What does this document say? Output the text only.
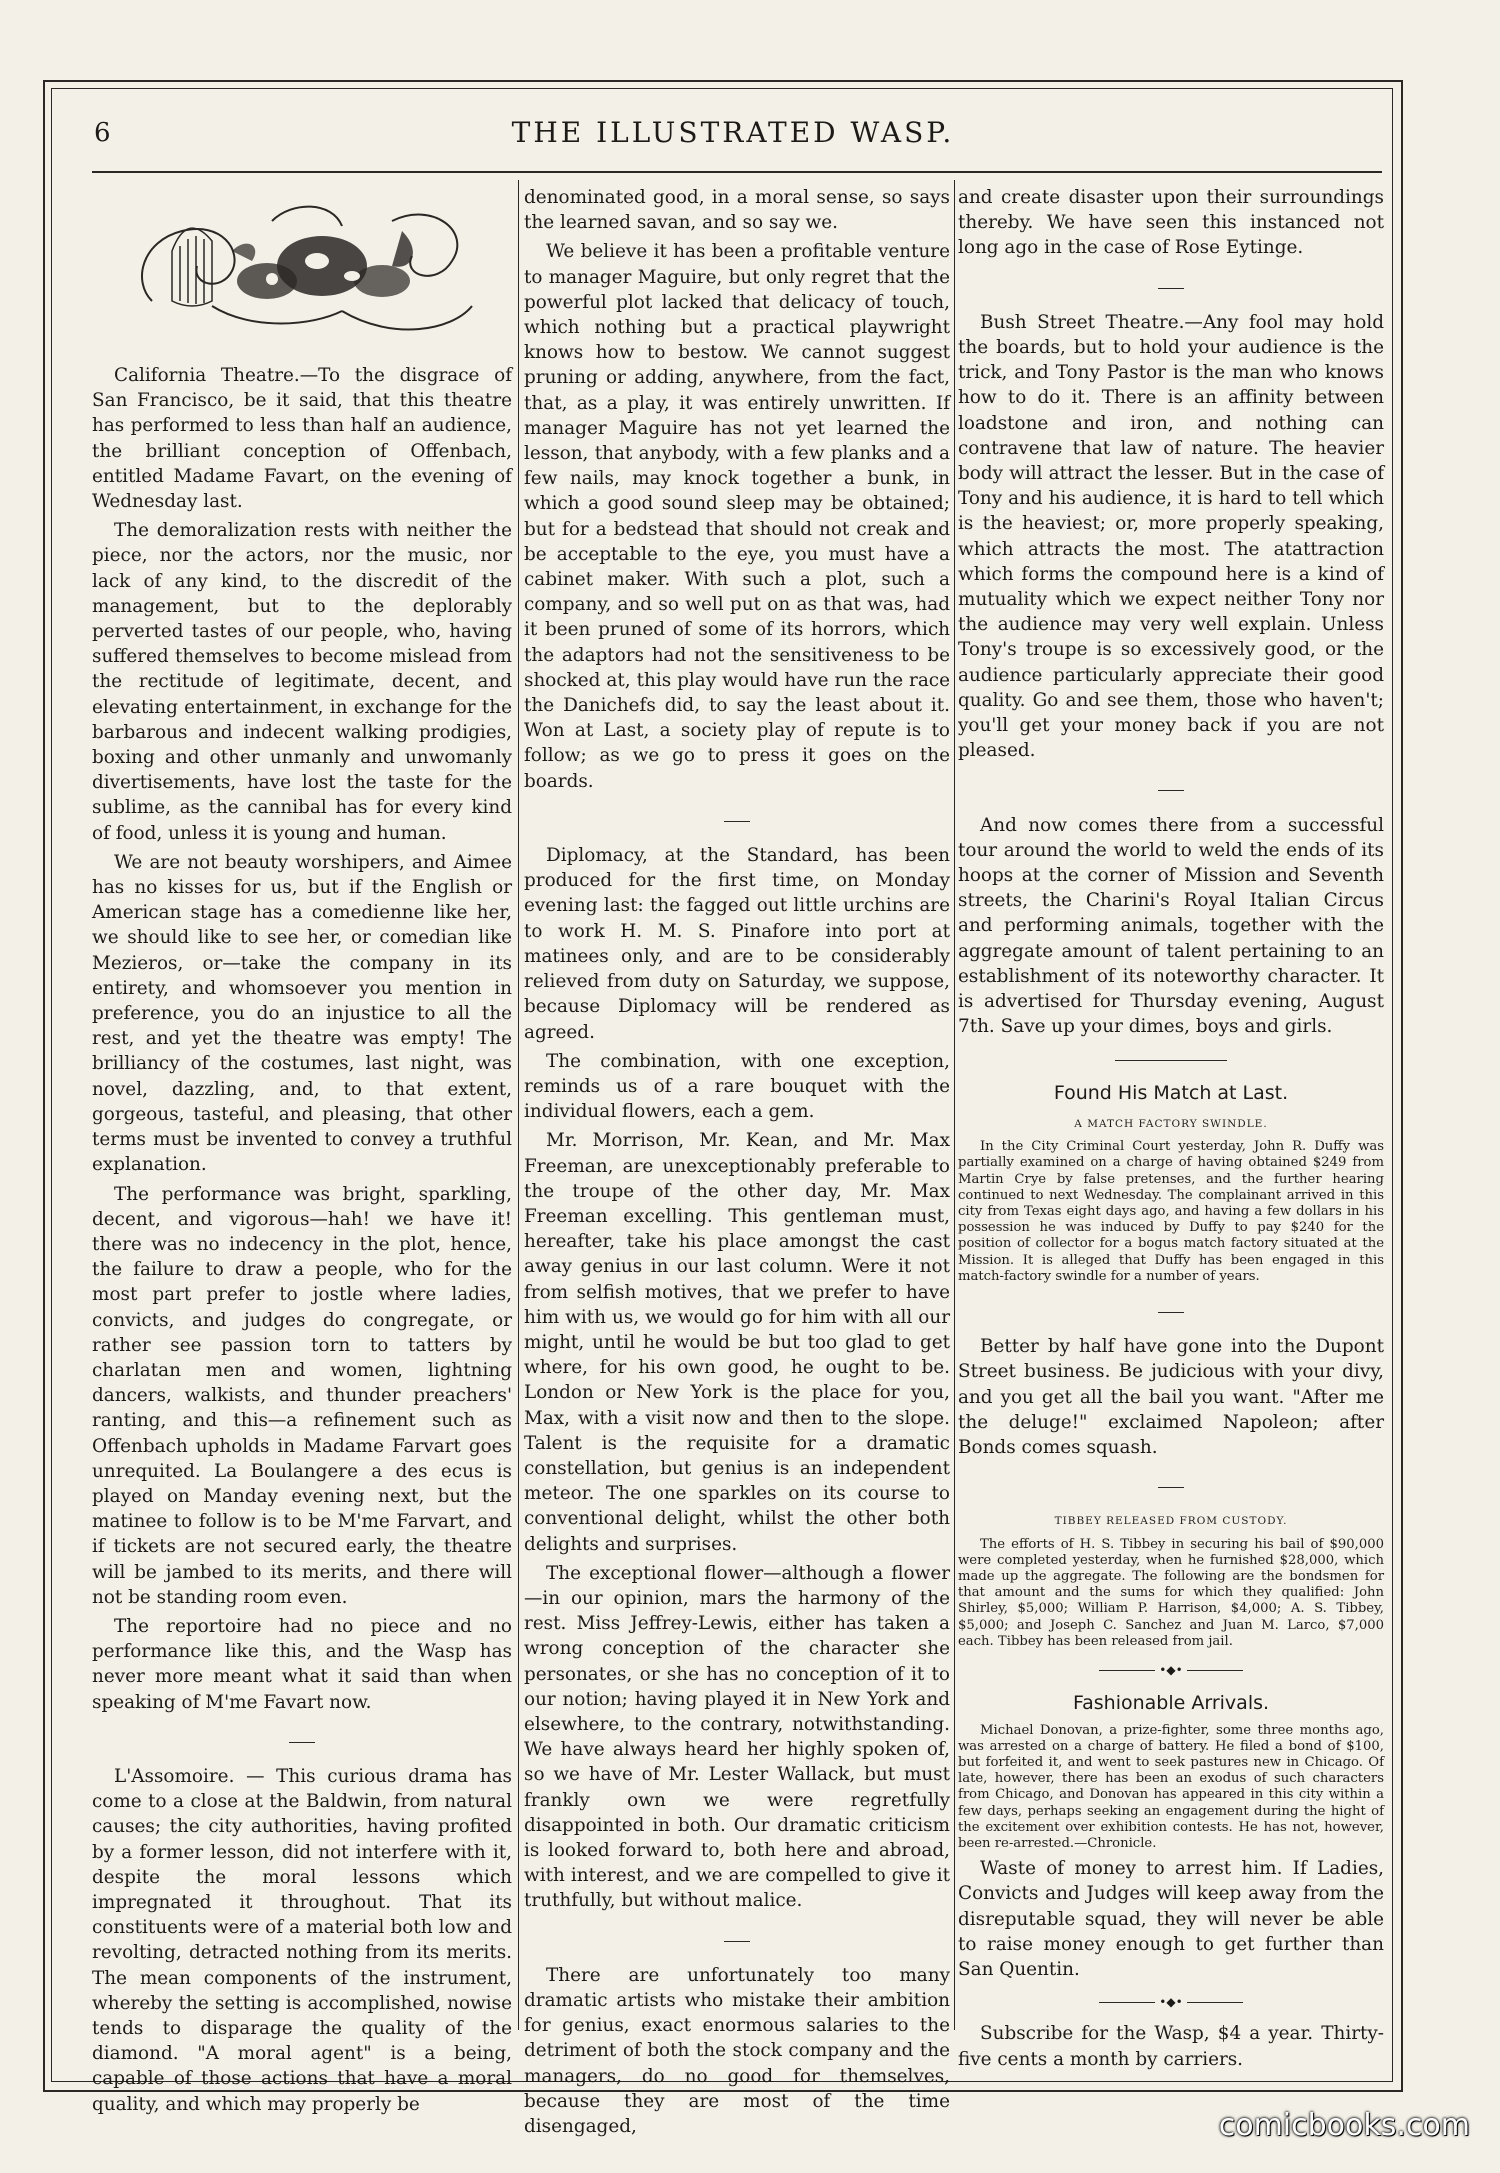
6	THE ILLUSTRATED WASP.

California Theatre.—To the disgrace of San Francisco, be it said, that this theatre has performed to less than half an audience, the brilliant conception of Offenbach, entitled Madame Favart, on the evening of Wednesday last.

The demoralization rests with neither the piece, nor the actors, nor the music, nor lack of any kind, to the discredit of the management, but to the deplorably perverted tastes of our people, who, having suffered themselves to become mislead from the rectitude of legitimate, decent, and elevating entertainment, in exchange for the barbarous and indecent walking prodigies, boxing and other unmanly and unwomanly divertisements, have lost the taste for the sublime, as the cannibal has for every kind of food, unless it is young and human.

We are not beauty worshipers, and Aimee has no kisses for us, but if the English or American stage has a comedienne like her, we should like to see her, or comedian like Mezieros, or—take the company in its entirety, and whomsoever you mention in preference, you do an injustice to all the rest, and yet the theatre was empty! The brilliancy of the costumes, last night, was novel, dazzling, and, to that extent, gorgeous, tasteful, and pleasing, that other terms must be invented to convey a truthful explanation.

The performance was bright, sparkling, decent, and vigorous—hah! we have it! there was no indecency in the plot, hence, the failure to draw a people, who for the most part prefer to jostle where ladies, convicts, and judges do congregate, or rather see passion torn to tatters by charlatan men and women, lightning dancers, walkists, and thunder preachers' ranting, and this—a refinement such as Offenbach upholds in Madame Farvart goes unrequited. La Boulangere a des ecus is played on Manday evening next, but the matinee to follow is to be M'me Farvart, and if tickets are not secured early, the theatre will be jambed to its merits, and there will not be standing room even.

The reportoire had no piece and no performance like this, and the Wasp has never more meant what it said than when speaking of M'me Favart now.

L'Assomoire. — This curious drama has come to a close at the Baldwin, from natural causes; the city authorities, having profited by a former lesson, did not interfere with it, despite the moral lessons which impregnated it throughout. That its constituents were of a material both low and revolting, detracted nothing from its merits. The mean components of the instrument, whereby the setting is accomplished, nowise tends to disparage the quality of the diamond. "A moral agent" is a being, capable of those actions that have a moral quality, and which may properly be

denominated good, in a moral sense, so says the learned savan, and so say we.

We believe it has been a profitable venture to manager Maguire, but only regret that the powerful plot lacked that delicacy of touch, which nothing but a practical playwright knows how to bestow. We cannot suggest pruning or adding, anywhere, from the fact, that, as a play, it was entirely unwritten. If manager Maguire has not yet learned the lesson, that anybody, with a few planks and a few nails, may knock together a bunk, in which a good sound sleep may be obtained; but for a bedstead that should not creak and be acceptable to the eye, you must have a cabinet maker. With such a plot, such a company, and so well put on as that was, had it been pruned of some of its horrors, which the adaptors had not the sensitiveness to be shocked at, this play would have run the race the Danichefs did, to say the least about it. Won at Last, a society play of repute is to follow; as we go to press it goes on the boards.

Diplomacy, at the Standard, has been produced for the first time, on Monday evening last: the fagged out little urchins are to work H. M. S. Pinafore into port at matinees only, and are to be considerably relieved from duty on Saturday, we suppose, because Diplomacy will be rendered as agreed.

The combination, with one exception, reminds us of a rare bouquet with the individual flowers, each a gem.

Mr. Morrison, Mr. Kean, and Mr. Max Freeman, are unexceptionably preferable to the troupe of the other day, Mr. Max Freeman excelling. This gentleman must, hereafter, take his place amongst the cast away genius in our last column. Were it not from selfish motives, that we prefer to have him with us, we would go for him with all our might, until he would be but too glad to get where, for his own good, he ought to be. London or New York is the place for you, Max, with a visit now and then to the slope. Talent is the requisite for a dramatic constellation, but genius is an independent meteor. The one sparkles on its course to conventional delight, whilst the other both delights and surprises.

The exceptional flower—although a flower —in our opinion, mars the harmony of the rest. Miss Jeffrey-Lewis, either has taken a wrong conception of the character she personates, or she has no conception of it to our notion; having played it in New York and elsewhere, to the contrary, notwithstanding. We have always heard her highly spoken of, so we have of Mr. Lester Wallack, but must frankly own we were regretfully disappointed in both. Our dramatic criticism is looked forward to, both here and abroad, with interest, and we are compelled to give it truthfully, but without malice.

There are unfortunately too many dramatic artists who mistake their ambition for genius, exact enormous salaries to the detriment of both the stock company and the managers, do no good for themselves, because they are most of the time disengaged,

and create disaster upon their surroundings thereby. We have seen this instanced not long ago in the case of Rose Eytinge.

Bush Street Theatre.—Any fool may hold the boards, but to hold your audience is the trick, and Tony Pastor is the man who knows how to do it. There is an affinity between loadstone and iron, and nothing can contravene that law of nature. The heavier body will attract the lesser. But in the case of Tony and his audience, it is hard to tell which is the heaviest; or, more properly speaking, which attracts the most. The atattraction which forms the compound here is a kind of mutuality which we expect neither Tony nor the audience may very well explain. Unless Tony's troupe is so excessively good, or the audience particularly appreciate their good quality. Go and see them, those who haven't; you'll get your money back if you are not pleased.

And now comes there from a successful tour around the world to weld the ends of its hoops at the corner of Mission and Seventh streets, the Charini's Royal Italian Circus and performing animals, together with the aggregate amount of talent pertaining to an establishment of its noteworthy character. It is advertised for Thursday evening, August 7th. Save up your dimes, boys and girls.

Found His Match at Last.
A MATCH FACTORY SWINDLE.

In the City Criminal Court yesterday, John R. Duffy was partially examined on a charge of having obtained $249 from Martin Crye by false pretenses, and the further hearing continued to next Wednesday. The complainant arrived in this city from Texas eight days ago, and having a few dollars in his possession he was induced by Duffy to pay $240 for the position of collector for a bogus match factory situated at the Mission. It is alleged that Duffy has been engaged in this match-factory swindle for a number of years.

Better by half have gone into the Dupont Street business. Be judicious with your divy, and you get all the bail you want. "After me the deluge!" exclaimed Napoleon; after Bonds comes squash.

TIBBEY RELEASED FROM CUSTODY.

The efforts of H. S. Tibbey in securing his bail of $90,000 were completed yesterday, when he furnished $28,000, which made up the aggregate. The following are the bondsmen for that amount and the sums for which they qualified: John Shirley, $5,000; William P. Harrison, $4,000; A. S. Tibbey, $5,000; and Joseph C. Sanchez and Juan M. Larco, $7,000 each. Tibbey has been released from jail.

•◆•
Fashionable Arrivals.

Michael Donovan, a prize-fighter, some three months ago, was arrested on a charge of battery. He filed a bond of $100, but forfeited it, and went to seek pastures new in Chicago. Of late, however, there has been an exodus of such characters from Chicago, and Donovan has appeared in this city within a few days, perhaps seeking an engagement during the hight of the excitement over exhibition contests. He has not, however, been re-arrested.—Chronicle.

Waste of money to arrest him. If Ladies, Convicts and Judges will keep away from the disreputable squad, they will never be able to raise money enough to get further than San Quentin.

•◆•

Subscribe for the Wasp, $4 a year. Thirty-five cents a month by carriers.

comicbooks.com
